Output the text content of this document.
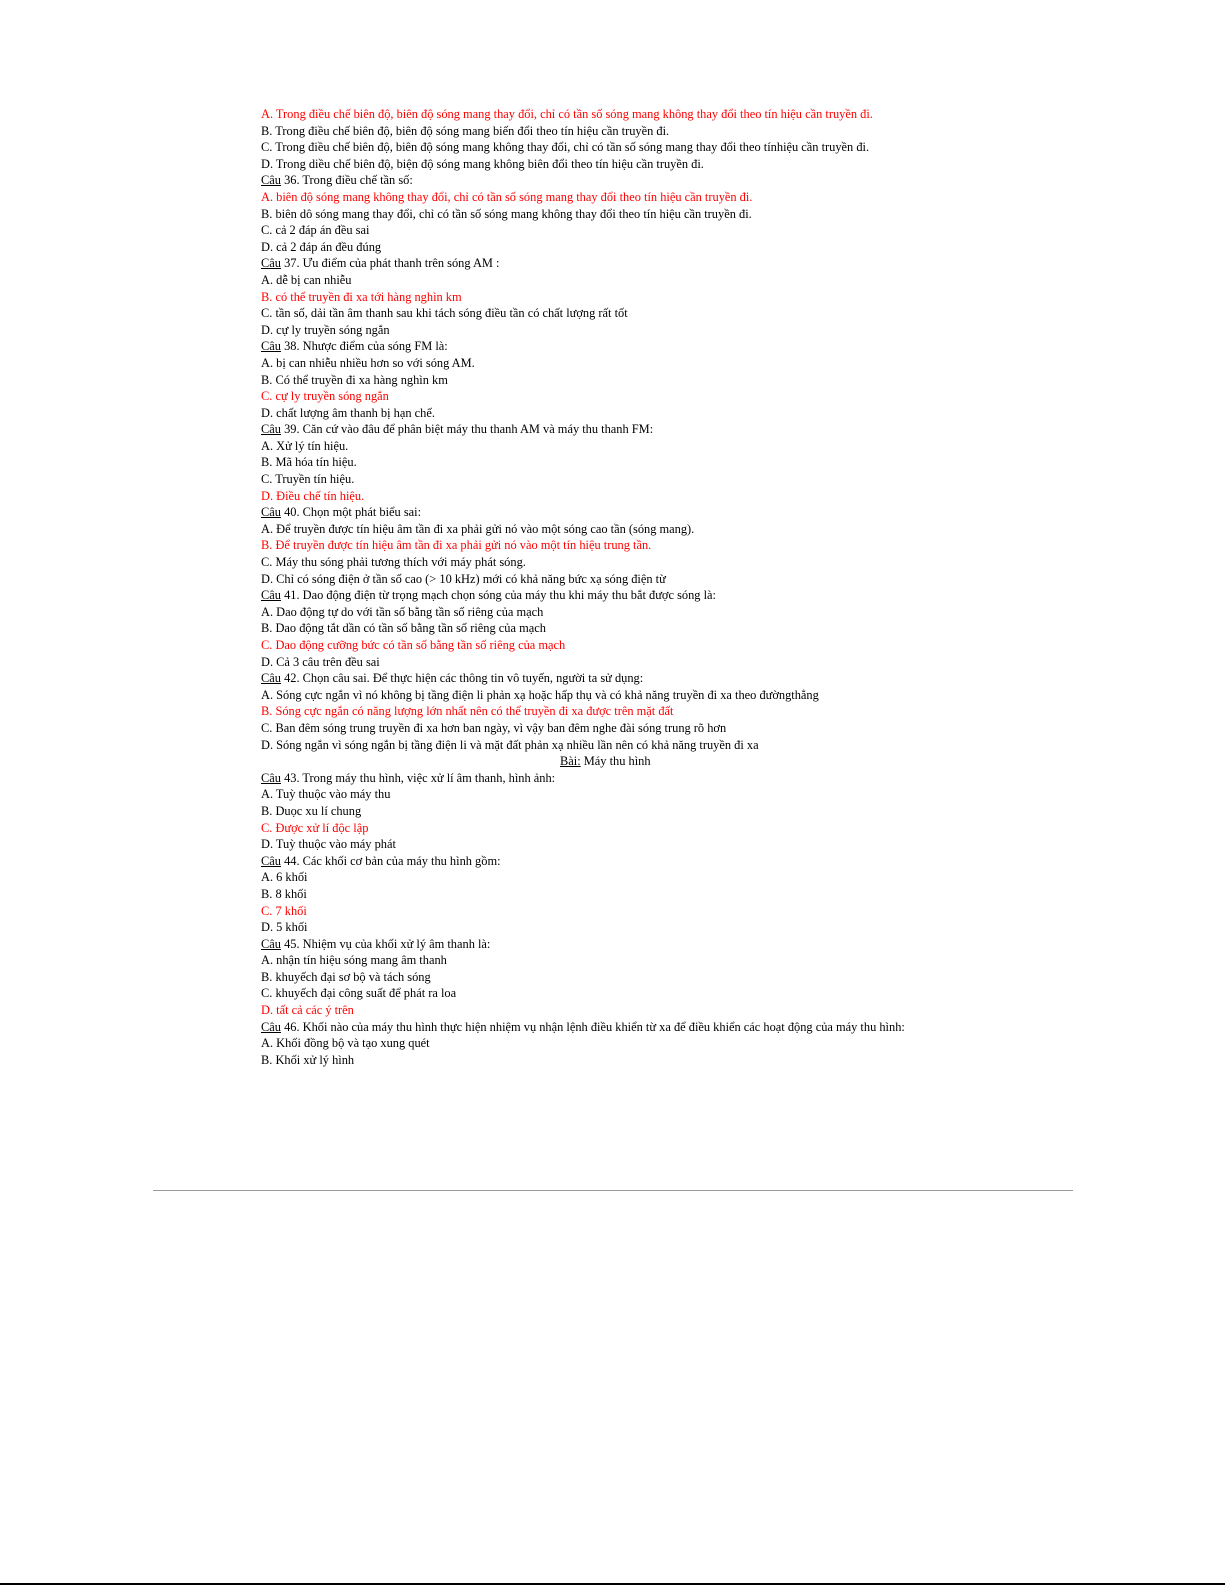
A. Trong điều chế biên độ, biên độ sóng mang thay đổi, chỉ có tần số sóng mang không thay đổi theo tín hiệu cần truyền đi.
B. Trong điều chế biên độ, biên độ sóng mang biến đổi theo tín hiệu cần truyền đi.
C. Trong điều chế biên độ, biên độ sóng mang không thay đổi, chỉ có tần số sóng mang thay đổi theo tínhiệu cần truyền đi.
D. Trong diều chế biên độ, biện độ sóng mang không biên đổi theo tín hiệu cần truyền đi.
Câu 36. Trong điều chế tần số:
A. biên độ sóng mang không thay đổi, chỉ có tần số sóng mang thay đổi theo tín hiệu cần truyền đi.
B. biên dô sóng mang thay đổi, chỉ có tần số sóng mang không thay đổi theo tín hiệu cần truyền đi.
C. cả 2 đáp án đều sai
D. cả 2 đáp án đều đúng
Câu 37. Ưu điểm của phát thanh trên sóng AM :
A. dễ bị can nhiễu
B. có thể truyền đi xa tới hàng nghìn km
C. tần số, dải tần âm thanh sau khi tách sóng điều tần có chất lượng rất tốt
D. cự ly truyền sóng ngắn
Câu 38. Nhược điểm của sóng FM là:
A. bị can nhiễu nhiều hơn so với sóng AM.
B. Có thể truyền đi xa hàng nghìn km
C. cự ly truyền sóng ngắn
D. chất lượng âm thanh bị hạn chế.
Câu 39. Căn cứ vào đâu để phân biệt máy thu thanh AM và máy thu thanh FM:
A. Xử lý tín hiệu.
B. Mã hóa tín hiệu.
C. Truyền tín hiệu.
D. Điều chế tín hiệu.
Câu 40. Chọn một phát biểu sai:
A. Để truyền được tín hiệu âm tần đi xa phải gửi nó vào một sóng cao tần (sóng mang).
B. Để truyền được tín hiệu âm tần đi xa phải gửi nó vào một tín hiệu trung tần.
C. Máy thu sóng phải tương thích với máy phát sóng.
D. Chỉ có sóng điện ở tần số cao (> 10 kHz) mới có khả năng bức xạ sóng điện từ
Câu 41. Dao động điện từ trọng mạch chọn sóng của máy thu khi máy thu bắt được sóng là:
A. Dao động tự do với tần số bằng tần số riêng của mạch
B. Dao động tắt dần có tần số bằng tần số riêng của mạch
C. Dao động cưỡng bức có tần số bằng tần số riêng của mạch
D. Cả 3 câu trên đều sai
Câu 42. Chọn câu sai. Để thực hiện các thông tin vô tuyến, người ta sử dụng:
A. Sóng cực ngắn vì nó không bị tầng điện li phản xạ hoặc hấp thụ và có khả năng truyền đi xa theo đườngthẳng
B. Sóng cực ngắn có năng lượng lớn nhất nên có thể truyền đi xa được trên mặt đất
C. Ban đêm sóng trung truyền đi xa hơn ban ngày, vì vậy ban đêm nghe đài sóng trung rõ hơn
D. Sóng ngắn vì sóng ngắn bị tầng điện li và mặt đất phản xạ nhiều lần nên có khả năng truyền đi xa
Bài: Máy thu hình
Câu 43. Trong máy thu hình, việc xử lí âm thanh, hình ảnh:
A. Tuỳ thuộc vào máy thu
B. Duọc xu lí chung
C. Được xử lí độc lập
D. Tuỳ thuộc vào máy phát
Câu 44. Các khối cơ bản của máy thu hình gồm:
A. 6 khối
B. 8 khối
C. 7 khối
D. 5 khối
Câu 45. Nhiệm vụ của khối xử lý âm thanh là:
A. nhận tín hiệu sóng mang âm thanh
B. khuyếch đại sơ bộ và tách sóng
C. khuyếch đại công suất để phát ra loa
D. tất cả các ý trên
Câu 46. Khối nào của máy thu hình thực hiện nhiệm vụ nhận lệnh điều khiển từ xa để điều khiển các hoạt động của máy thu hình:
A. Khối đồng bộ và tạo xung quét
B. Khối xử lý hình
